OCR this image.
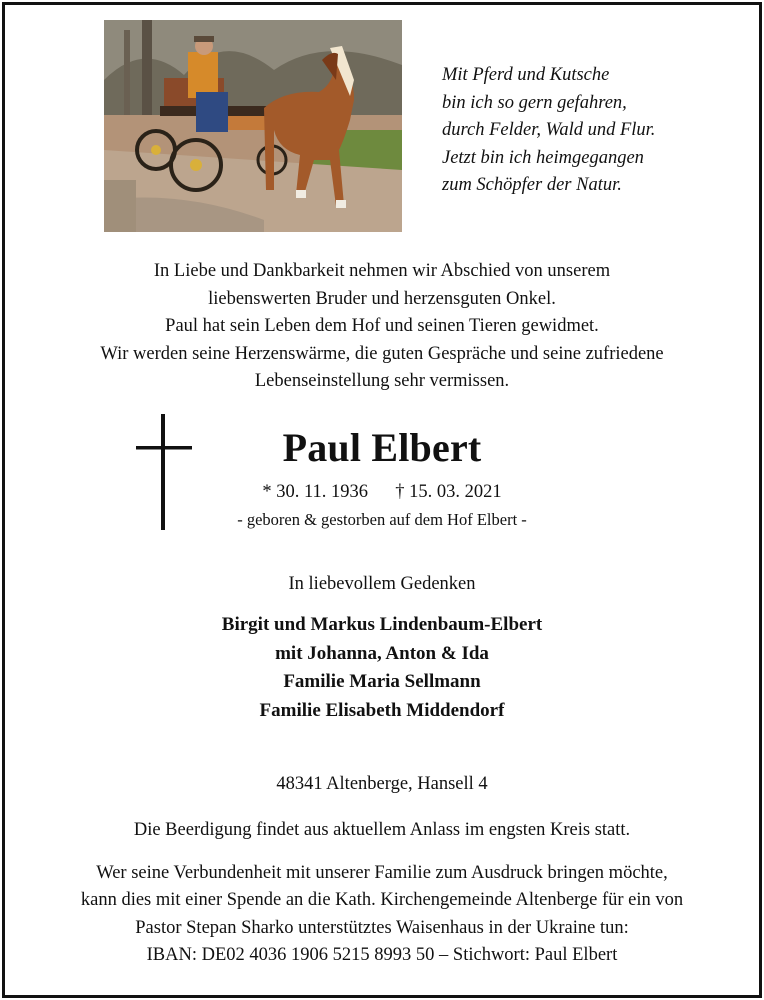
Mit Pferd und Kutsche
bin ich so gern gefahren,
durch Felder, Wald und Flur.
Jetzt bin ich heimgegangen
zum Schöpfer der Natur.
In Liebe und Dankbarkeit nehmen wir Abschied von unserem
liebenswerten Bruder und herzensguten Onkel.
Paul hat sein Leben dem Hof und seinen Tieren gewidmet.
Wir werden seine Herzenswärme, die guten Gespräche und seine zufriedene
Lebenseinstellung sehr vermissen.
Paul Elbert
* 30. 11. 1936 † 15. 03. 2021
- geboren & gestorben auf dem Hof Elbert -
In liebevollem Gedenken
Birgit und Markus Lindenbaum-Elbert
mit Johanna, Anton & Ida
Familie Maria Sellmann
Familie Elisabeth Middendorf
48341 Altenberge, Hansell 4
Die Beerdigung findet aus aktuellem Anlass im engsten Kreis statt.
Wer seine Verbundenheit mit unserer Familie zum Ausdruck bringen möchte,
kann dies mit einer Spende an die Kath. Kirchengemeinde Altenberge für ein von
Pastor Stepan Sharko unterstütztes Waisenhaus in der Ukraine tun:
IBAN: DE02 4036 1906 5215 8993 50 – Stichwort: Paul Elbert
